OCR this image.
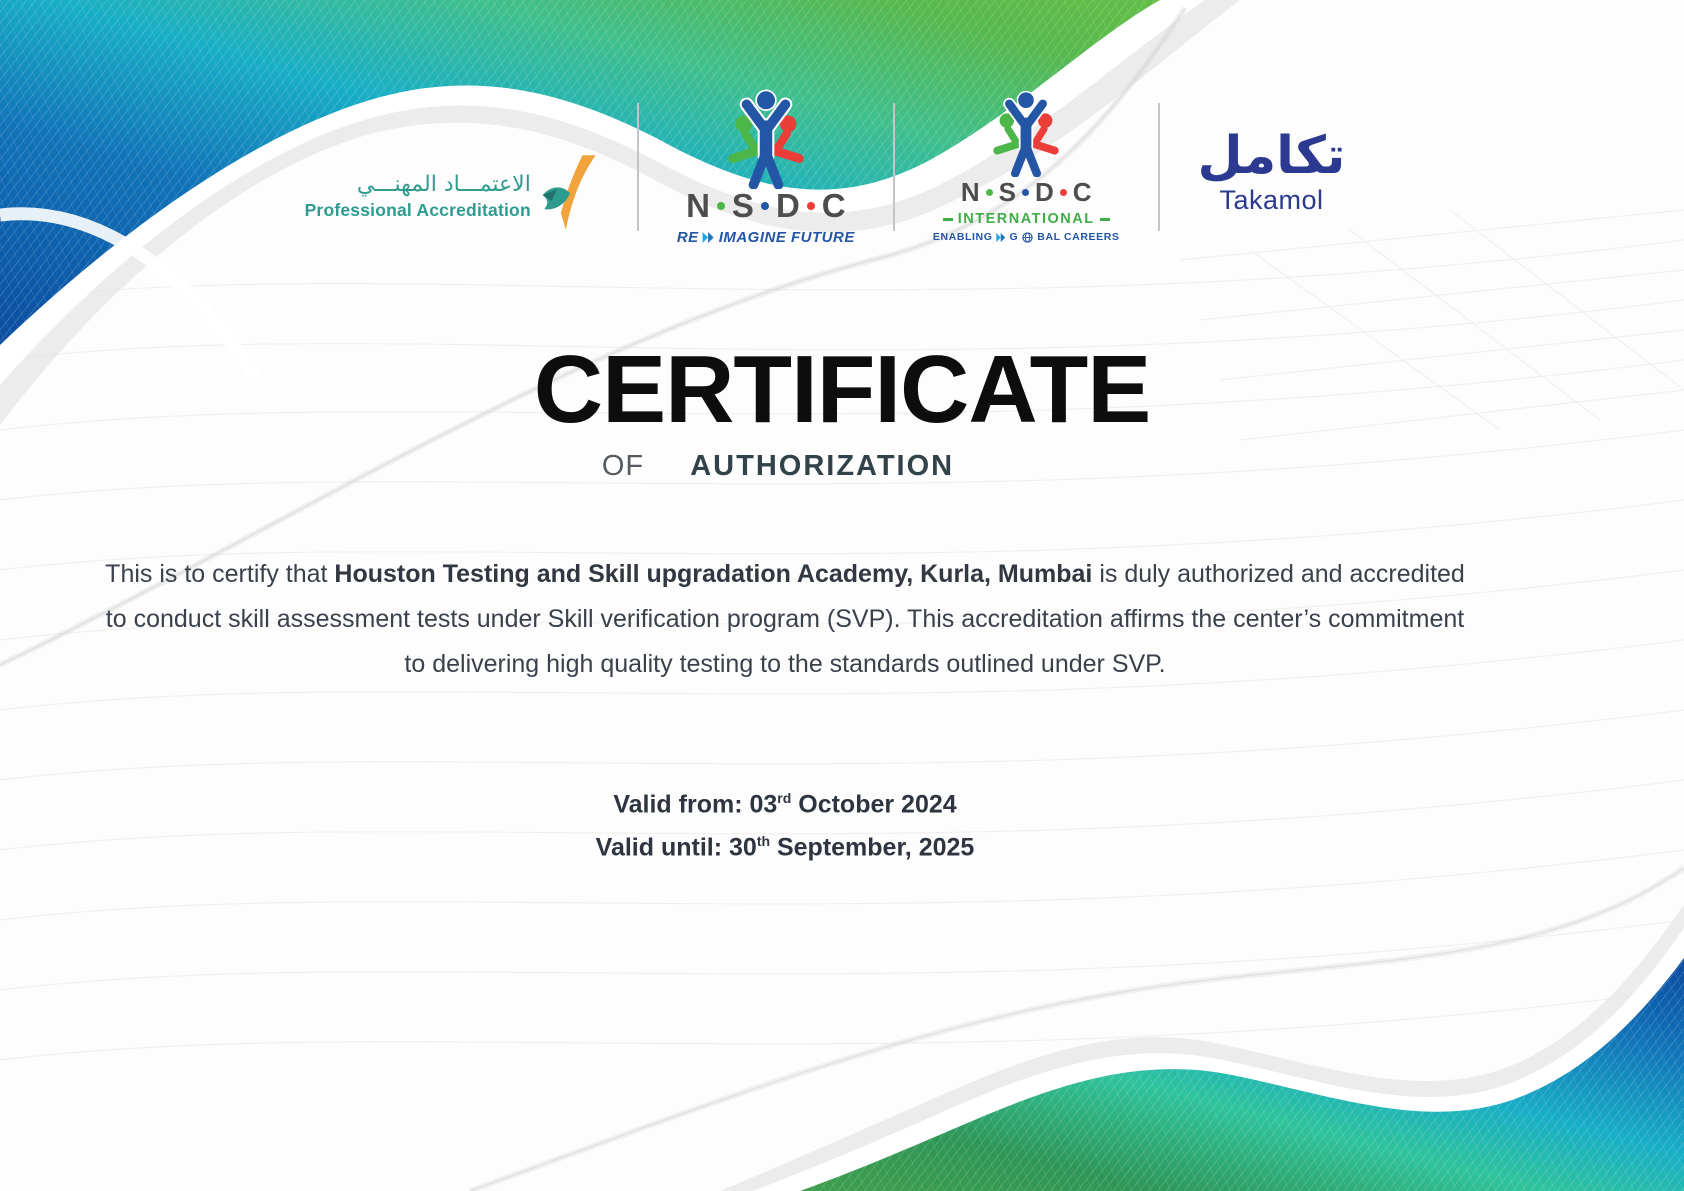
الاعتمـــاد المهنـــي
Professional Accreditation	N S D C
RE IMAGINE FUTURE
N S D C
INTERNATIONAL
ENABLING G BAL CAREERS
تكامل
Takamol
CERTIFICATE
OF AUTHORIZATION

This is to certify that Houston Testing and Skill upgradation Academy, Kurla, Mumbai is duly authorized and accredited to conduct skill assessment tests under Skill verification program (SVP). This accreditation affirms the center’s commitment to delivering high quality testing to the standards outlined under SVP.

Valid from: 03rd October 2024
Valid until: 30th September, 2025
